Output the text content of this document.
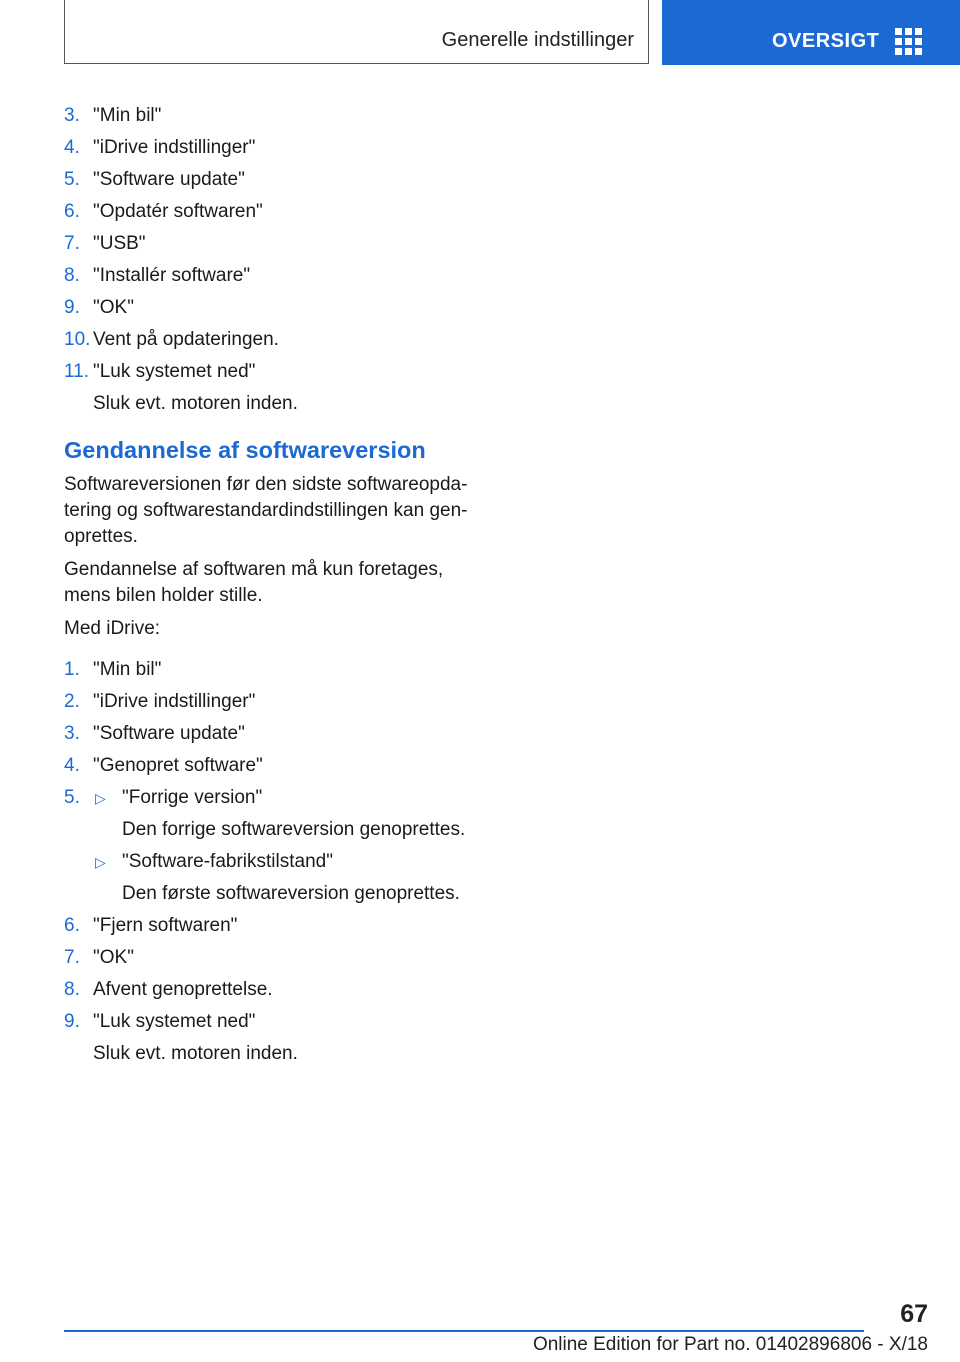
Generelle indstillinger	OVERSIGT
3. "Min bil"
4. "iDrive indstillinger"
5. "Software update"
6. "Opdatér softwaren"
7. "USB"
8. "Installér software"
9. "OK"
10. Vent på opdateringen.
11. "Luk systemet ned"
Sluk evt. motoren inden.
Gendannelse af softwareversion

Softwareversionen før den sidste softwareopdatering og softwarestandardindstillingen kan genoprettes.

Gendannelse af softwaren må kun foretages, mens bilen holder stille.

Med iDrive:

1. "Min bil"
2. "iDrive indstillinger"
3. "Software update"
4. "Genopret software"
5. ▷ "Forrige version"
Den forrige softwareversion genoprettes.
▷ "Software-fabrikstilstand"
Den første softwareversion genoprettes.
6. "Fjern softwaren"
7. "OK"
8. Afvent genoprettelse.
9. "Luk systemet ned"
Sluk evt. motoren inden.
67
Online Edition for Part no. 01402896806 - X/18
